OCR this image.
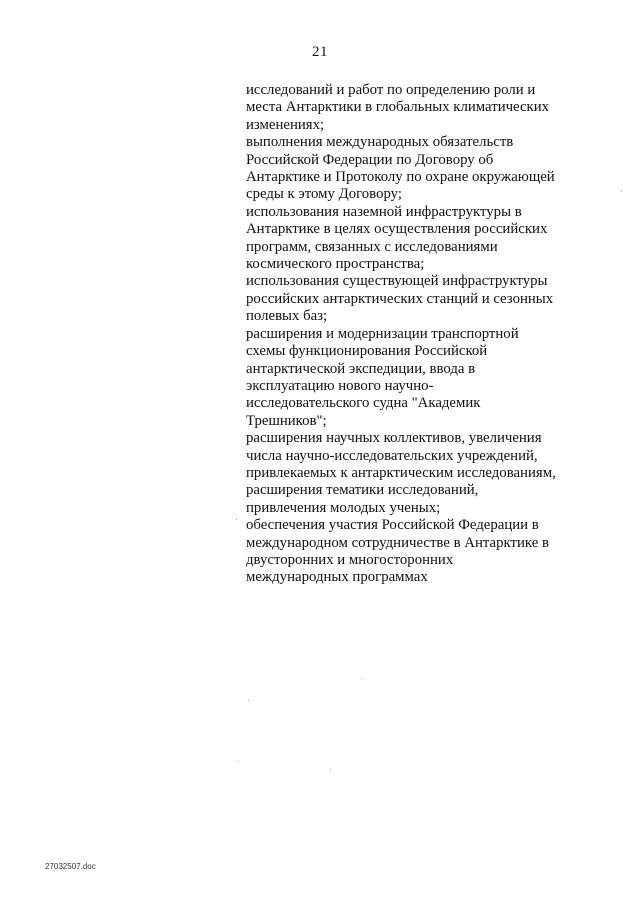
21
исследований и работ по определению роли и
места Антарктики в глобальных климатических
изменениях;
выполнения международных обязательств
Российской Федерации по Договору об
Антарктике и Протоколу по охране окружающей
среды к этому Договору;
использования наземной инфраструктуры в
Антарктике в целях осуществления российских
программ, связанных с исследованиями
космического пространства;
использования существующей инфраструктуры
российских антарктических станций и сезонных
полевых баз;
расширения и модернизации транспортной
схемы функционирования Российской
антарктической экспедиции, ввода в
эксплуатацию нового научно-
исследовательского судна "Академик
Трешников";
расширения научных коллективов, увеличения
числа научно-исследовательских учреждений,
привлекаемых к антарктическим исследованиям,
расширения тематики исследований,
привлечения молодых ученых;
обеспечения участия Российской Федерации в
международном сотрудничестве в Антарктике в
двусторонних и многосторонних
международных программах
27032507.doc
